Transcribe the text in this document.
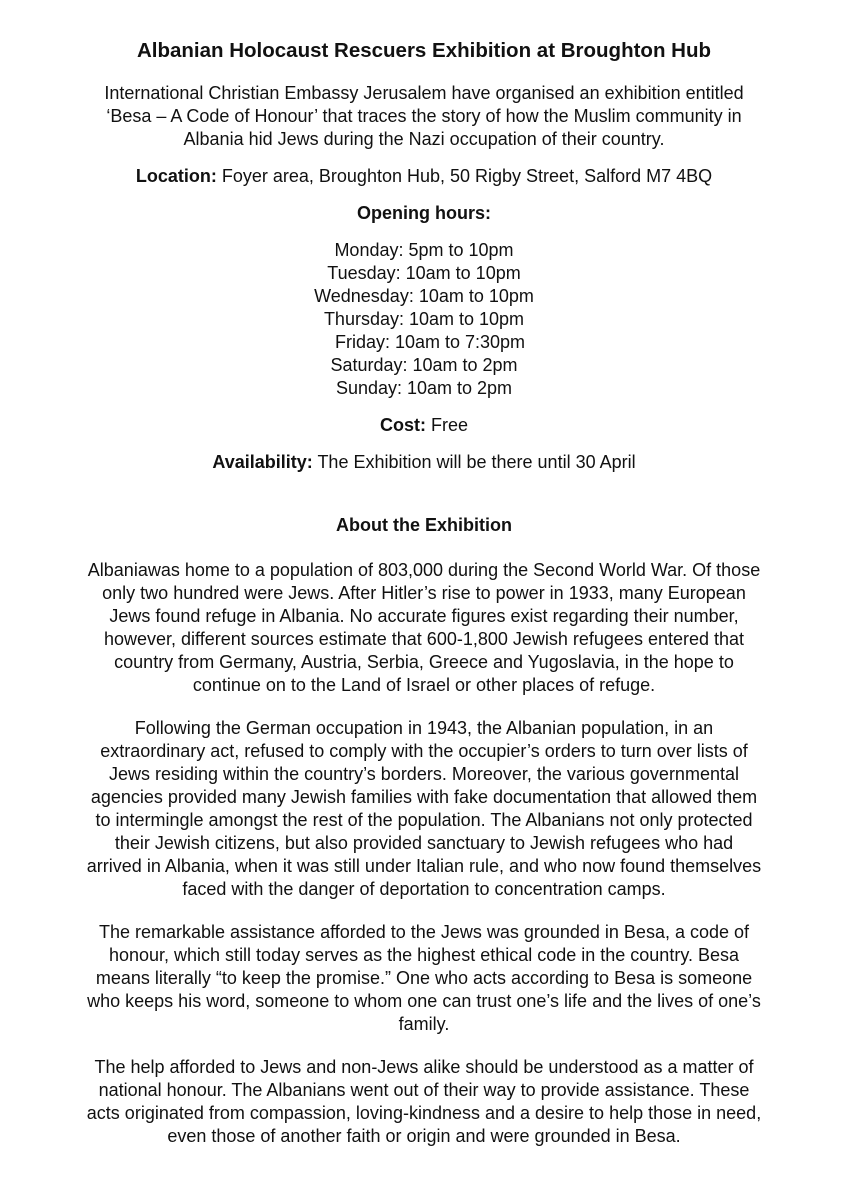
Albanian Holocaust Rescuers Exhibition at Broughton Hub

International Christian Embassy Jerusalem have organised an exhibition entitled
‘Besa – A Code of Honour’ that traces the story of how the Muslim community in
Albania hid Jews during the Nazi occupation of their country.

Location: Foyer area, Broughton Hub, 50 Rigby Street, Salford M7 4BQ

Opening hours:

Monday: 5pm to 10pm
Tuesday: 10am to 10pm
Wednesday: 10am to 10pm
Thursday: 10am to 10pm
Friday: 10am to 7:30pm
Saturday: 10am to 2pm
Sunday: 10am to 2pm

Cost: Free

Availability: The Exhibition will be there until 30 April

About the Exhibition

Albaniawas home to a population of 803,000 during the Second World War. Of those
only two hundred were Jews. After Hitler’s rise to power in 1933, many European
Jews found refuge in Albania. No accurate figures exist regarding their number,
however, different sources estimate that 600-1,800 Jewish refugees entered that
country from Germany, Austria, Serbia, Greece and Yugoslavia, in the hope to
continue on to the Land of Israel or other places of refuge.

Following the German occupation in 1943, the Albanian population, in an
extraordinary act, refused to comply with the occupier’s orders to turn over lists of
Jews residing within the country’s borders. Moreover, the various governmental
agencies provided many Jewish families with fake documentation that allowed them
to intermingle amongst the rest of the population. The Albanians not only protected
their Jewish citizens, but also provided sanctuary to Jewish refugees who had
arrived in Albania, when it was still under Italian rule, and who now found themselves
faced with the danger of deportation to concentration camps.

The remarkable assistance afforded to the Jews was grounded in Besa, a code of
honour, which still today serves as the highest ethical code in the country. Besa
means literally “to keep the promise.” One who acts according to Besa is someone
who keeps his word, someone to whom one can trust one’s life and the lives of one’s
family.

The help afforded to Jews and non-Jews alike should be understood as a matter of
national honour. The Albanians went out of their way to provide assistance. These
acts originated from compassion, loving-kindness and a desire to help those in need,
even those of another faith or origin and were grounded in Besa.
